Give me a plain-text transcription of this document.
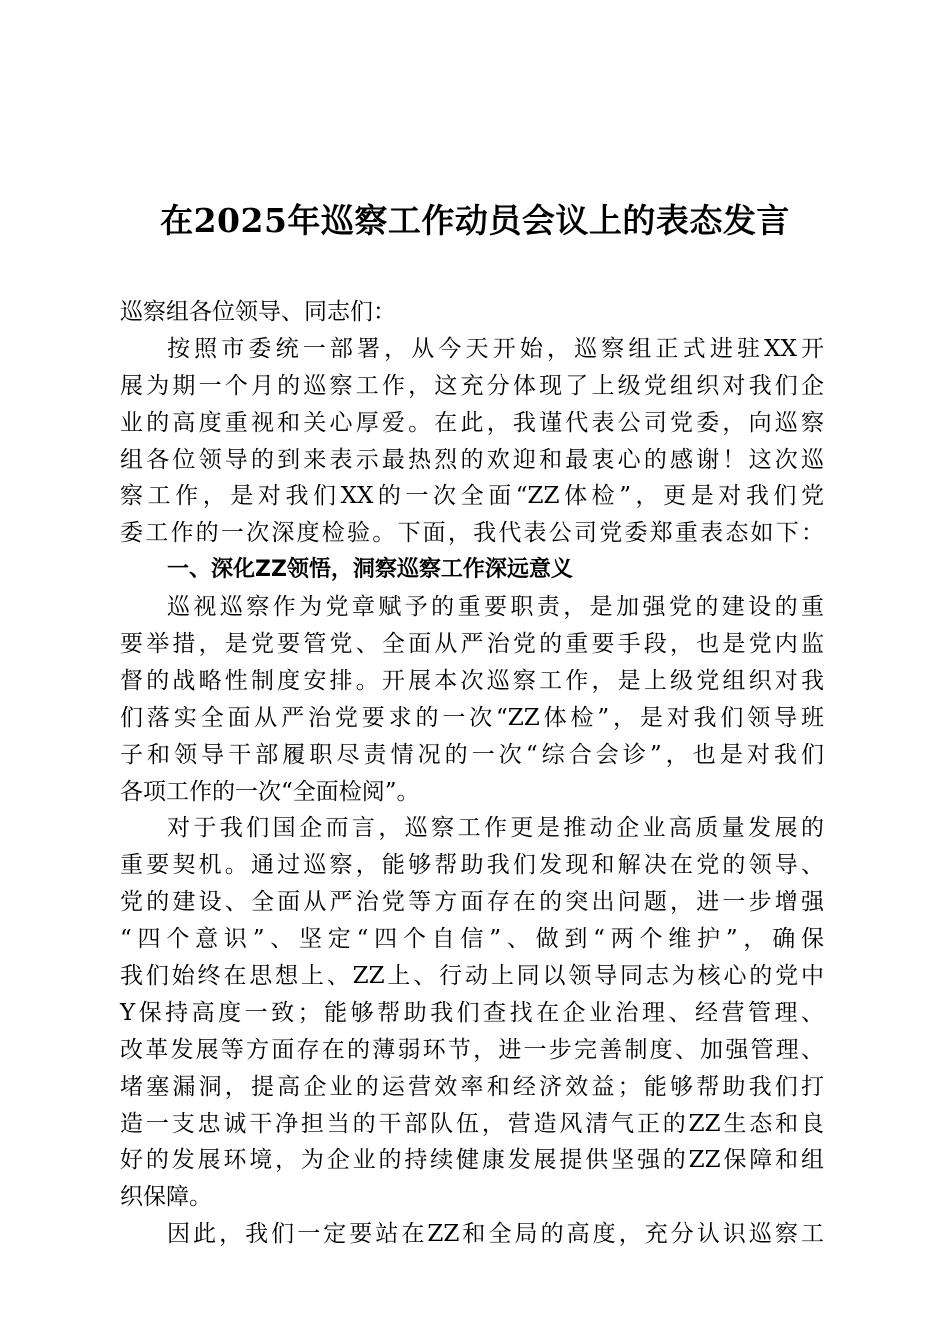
在2025年巡察工作动员会议上的表态发言
巡察组各位领导、同志们：
按照市委统一部署，从今天开始，巡察组正式进驻XX开
展为期一个月的巡察工作，这充分体现了上级党组织对我们企
业的高度重视和关心厚爱。在此，我谨代表公司党委，向巡察
组各位领导的到来表示最热烈的欢迎和最衷心的感谢！这次巡
察工作，是对我们XX的一次全面“ZZ体检”，更是对我们党
委工作的一次深度检验。下面，我代表公司党委郑重表态如下：
一、深化ZZ领悟，洞察巡察工作深远意义
巡视巡察作为党章赋予的重要职责，是加强党的建设的重
要举措，是党要管党、全面从严治党的重要手段，也是党内监
督的战略性制度安排。开展本次巡察工作，是上级党组织对我
们落实全面从严治党要求的一次“ZZ体检”，是对我们领导班
子和领导干部履职尽责情况的一次“综合会诊”，也是对我们
各项工作的一次“全面检阅”。
对于我们国企而言，巡察工作更是推动企业高质量发展的
重要契机。通过巡察，能够帮助我们发现和解决在党的领导、
党的建设、全面从严治党等方面存在的突出问题，进一步增强
“四个意识”、坚定“四个自信”、做到“两个维护”，确保
我们始终在思想上、ZZ上、行动上同以领导同志为核心的党中
Y保持高度一致；能够帮助我们查找在企业治理、经营管理、
改革发展等方面存在的薄弱环节，进一步完善制度、加强管理、
堵塞漏洞，提高企业的运营效率和经济效益；能够帮助我们打
造一支忠诚干净担当的干部队伍，营造风清气正的ZZ生态和良
好的发展环境，为企业的持续健康发展提供坚强的ZZ保障和组
织保障。
因此，我们一定要站在ZZ和全局的高度，充分认识巡察工
